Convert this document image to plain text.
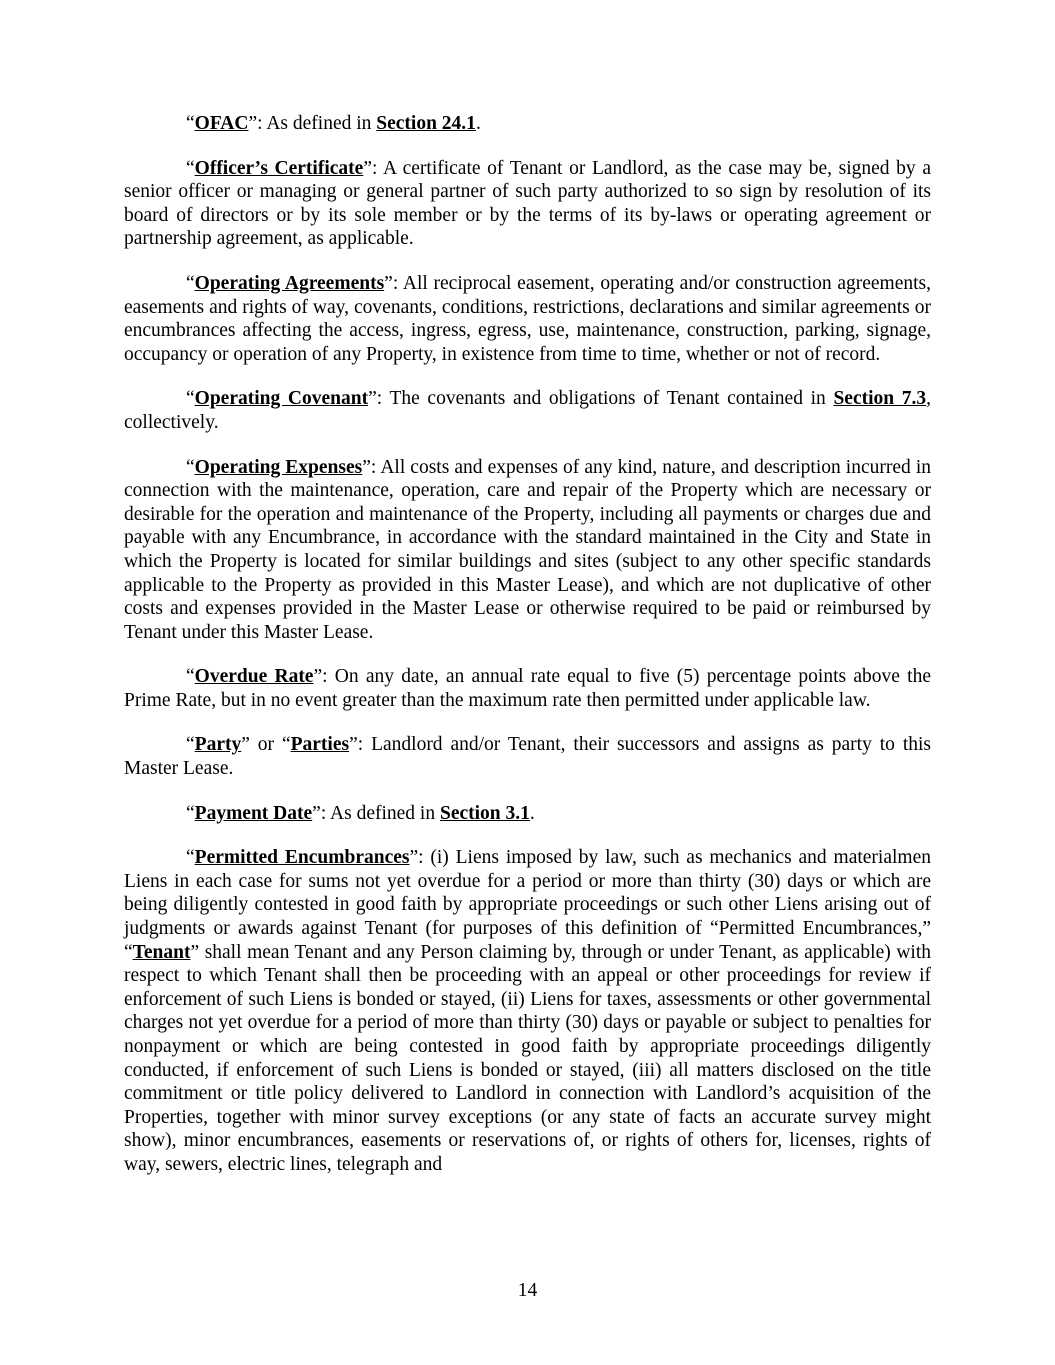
“OFAC”: As defined in Section 24.1.

“Officer’s Certificate”: A certificate of Tenant or Landlord, as the case may be, signed by a senior officer or managing or general partner of such party authorized to so sign by resolution of its board of directors or by its sole member or by the terms of its by-laws or operating agreement or partnership agreement, as applicable.

“Operating Agreements”: All reciprocal easement, operating and/or construction agreements, easements and rights of way, covenants, conditions, restrictions, declarations and similar agreements or encumbrances affecting the access, ingress, egress, use, maintenance, construction, parking, signage, occupancy or operation of any Property, in existence from time to time, whether or not of record.

“Operating Covenant”: The covenants and obligations of Tenant contained in Section 7.3, collectively.

“Operating Expenses”: All costs and expenses of any kind, nature, and description incurred in connection with the maintenance, operation, care and repair of the Property which are necessary or desirable for the operation and maintenance of the Property, including all payments or charges due and payable with any Encumbrance, in accordance with the standard maintained in the City and State in which the Property is located for similar buildings and sites (subject to any other specific standards applicable to the Property as provided in this Master Lease), and which are not duplicative of other costs and expenses provided in the Master Lease or otherwise required to be paid or reimbursed by Tenant under this Master Lease.

“Overdue Rate”: On any date, an annual rate equal to five (5) percentage points above the Prime Rate, but in no event greater than the maximum rate then permitted under applicable law.

“Party” or “Parties”: Landlord and/or Tenant, their successors and assigns as party to this Master Lease.

“Payment Date”: As defined in Section 3.1.

“Permitted Encumbrances”: (i) Liens imposed by law, such as mechanics and materialmen Liens in each case for sums not yet overdue for a period or more than thirty (30) days or which are being diligently contested in good faith by appropriate proceedings or such other Liens arising out of judgments or awards against Tenant (for purposes of this definition of “Permitted Encumbrances,” “Tenant” shall mean Tenant and any Person claiming by, through or under Tenant, as applicable) with respect to which Tenant shall then be proceeding with an appeal or other proceedings for review if enforcement of such Liens is bonded or stayed, (ii) Liens for taxes, assessments or other governmental charges not yet overdue for a period of more than thirty (30) days or payable or subject to penalties for nonpayment or which are being contested in good faith by appropriate proceedings diligently conducted, if enforcement of such Liens is bonded or stayed, (iii) all matters disclosed on the title commitment or title policy delivered to Landlord in connection with Landlord’s acquisition of the Properties, together with minor survey exceptions (or any state of facts an accurate survey might show), minor encumbrances, easements or reservations of, or rights of others for, licenses, rights of way, sewers, electric lines, telegraph and

14
